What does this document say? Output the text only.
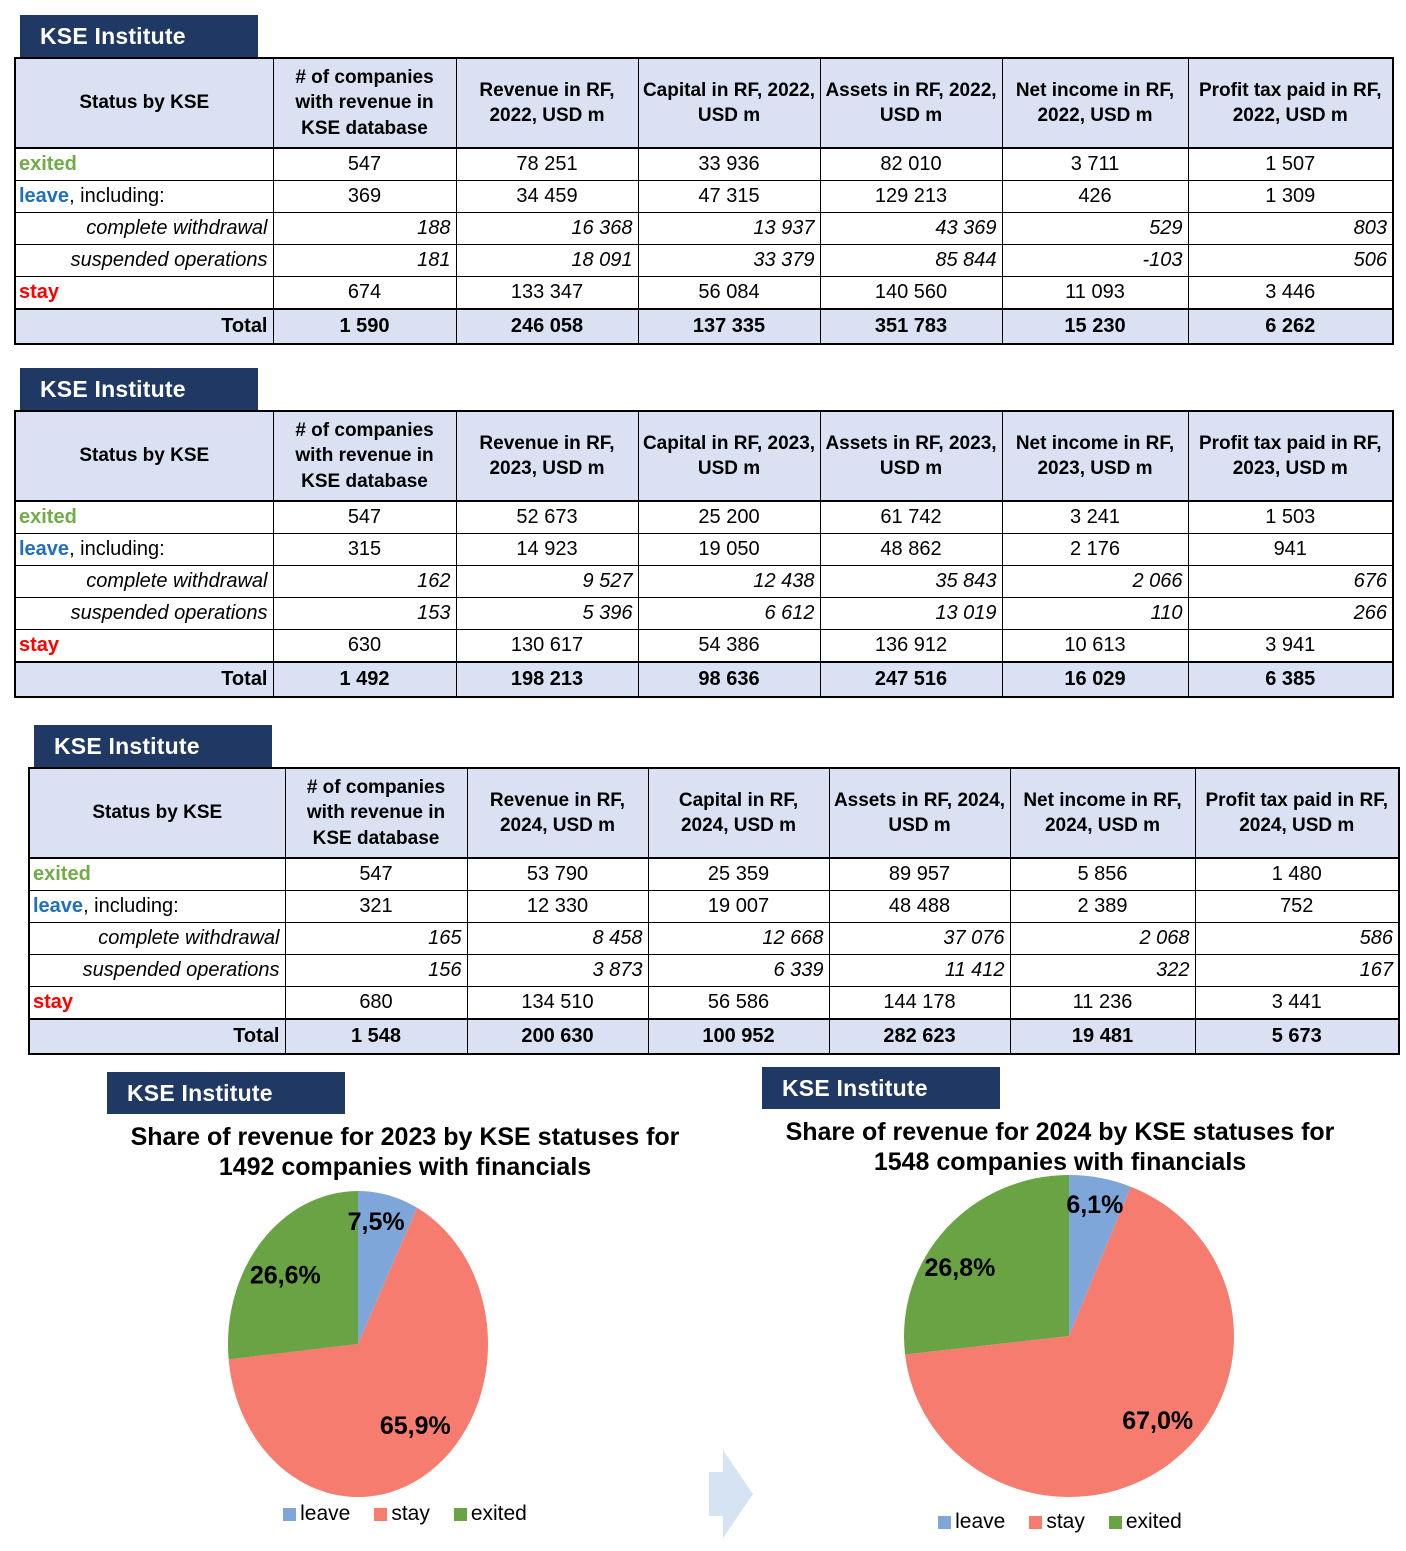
KSE Institute
Status by KSE	# of companies with revenue in KSE database	Revenue in RF, 2022, USD m	Capital in RF, 2022, USD m	Assets in RF, 2022, USD m	Net income in RF, 2022, USD m	Profit tax paid in RF, 2022, USD m
exited	547	78 251	33 936	82 010	3 711	1 507
leave, including:	369	34 459	47 315	129 213	426	1 309
complete withdrawal	188	16 368	13 937	43 369	529	803
suspended operations	181	18 091	33 379	85 844	-103	506
stay	674	133 347	56 084	140 560	11 093	3 446
Total	1 590	246 058	137 335	351 783	15 230	6 262
KSE Institute
Status by KSE	# of companies with revenue in KSE database	Revenue in RF, 2023, USD m	Capital in RF, 2023, USD m	Assets in RF, 2023, USD m	Net income in RF, 2023, USD m	Profit tax paid in RF, 2023, USD m
exited	547	52 673	25 200	61 742	3 241	1 503
leave, including:	315	14 923	19 050	48 862	2 176	941
complete withdrawal	162	9 527	12 438	35 843	2 066	676
suspended operations	153	5 396	6 612	13 019	110	266
stay	630	130 617	54 386	136 912	10 613	3 941
Total	1 492	198 213	98 636	247 516	16 029	6 385
KSE Institute
Status by KSE	# of companies with revenue in KSE database	Revenue in RF, 2024, USD m	Capital in RF, 2024, USD m	Assets in RF, 2024, USD m	Net income in RF, 2024, USD m	Profit tax paid in RF, 2024, USD m
exited	547	53 790	25 359	89 957	5 856	1 480
leave, including:	321	12 330	19 007	48 488	2 389	752
complete withdrawal	165	8 458	12 668	37 076	2 068	586
suspended operations	156	3 873	6 339	11 412	322	167
stay	680	134 510	56 586	144 178	11 236	3 441
Total	1 548	200 630	100 952	282 623	19 481	5 673
KSE Institute
Share of revenue for 2023 by KSE statuses for 1492 companies with financials
7,5%
65,9%
26,6%
leave stay exited
KSE Institute
Share of revenue for 2024 by KSE statuses for 1548 companies with financials
6,1%
67,0%
26,8%
leave stay exited
